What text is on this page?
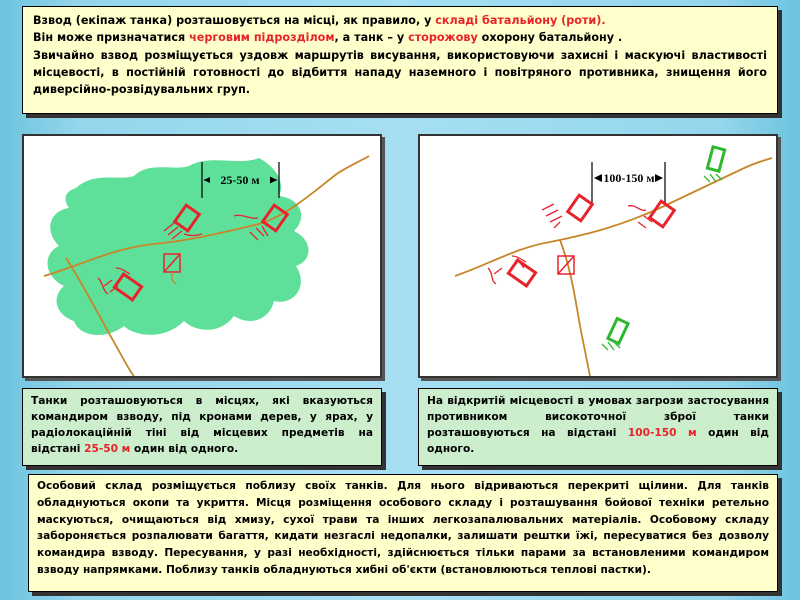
Взвод (екіпаж танка) розташовується на місці, як правило, у складі батальйону (роти).

Він може призначатися черговим підрозділом, а танк – у сторожову охорону батальйону .

Звичайно взвод розміщується уздовж маршрутів висування, використовуючи захисні і маскуючі властивості місцевості, в постійній готовності до відбиття нападу наземного і повітряного противника, знищення його диверсійно-розвідувальних груп.

25-50 м	100-150 м
Танки розташовуються в місцях, які вказуються командиром взводу, під кронами дерев, у ярах, у радіолокаційній тіні від місцевих предметів на відстані 25-50 м один від одного.
На відкритій місцевості в умовах загрози застосування противником високоточної зброї танки розташовуються на відстані 100-150 м один від одного.
Особовий склад розміщується поблизу своїх танків. Для нього відриваються перекриті щілини. Для танків обладнуються окопи та укриття. Місця розміщення особового складу і розташування бойової техніки ретельно маскуються, очищаються від хмизу, сухої трави та інших легкозапалювальних матеріалів. Особовому складу забороняється розпалювати багаття, кидати незгаслі недопалки, залишати рештки їжі, пересуватися без дозволу командира взводу. Пересування, у разі необхідності, здійснюється тільки парами за встановленими командиром взводу напрямками. Поблизу танків обладнуються хибні об'єкти (встановлюються теплові пастки).
